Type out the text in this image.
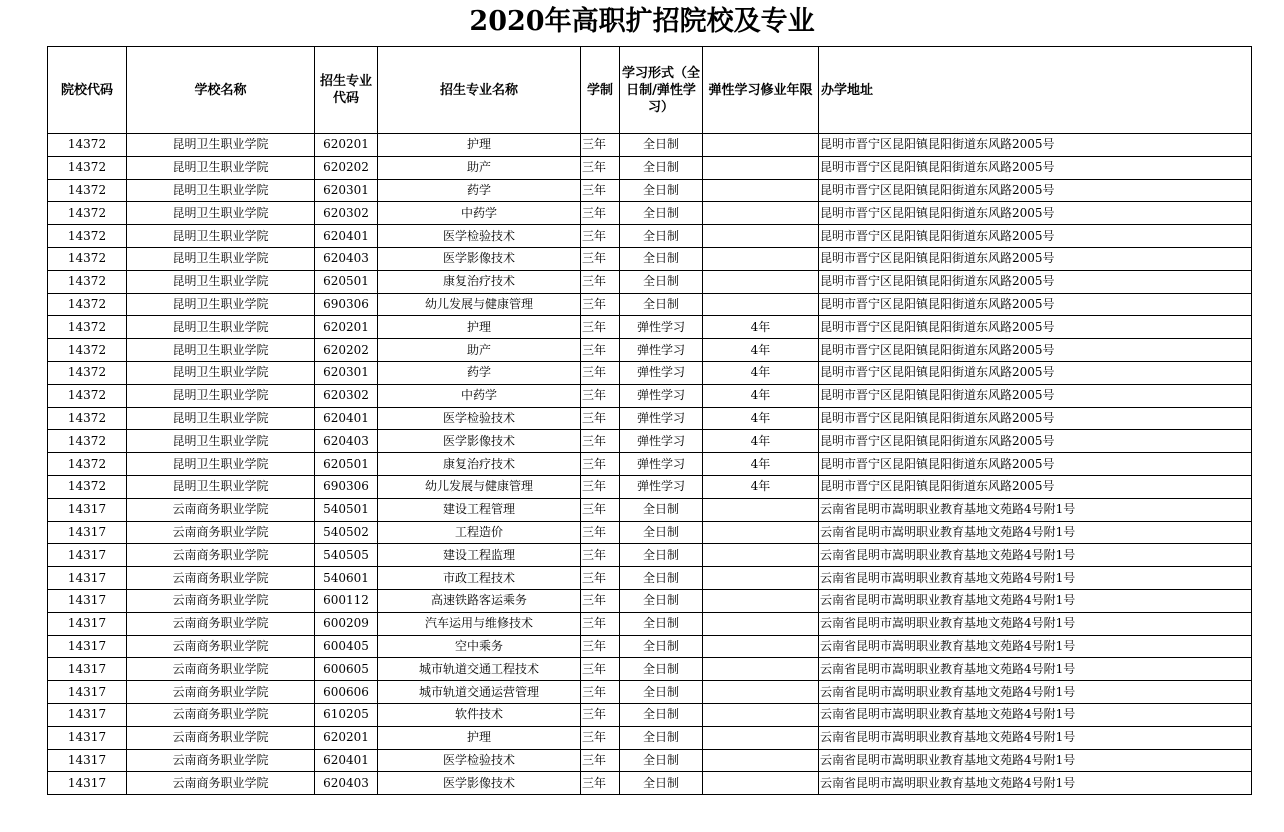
2020年高职扩招院校及专业
院校代码	学校名称	招生专业代码	招生专业名称	学制	学习形式（全日制/弹性学习）	弹性学习修业年限	办学地址
14372	昆明卫生职业学院	620201	护理	三年	全日制		昆明市晋宁区昆阳镇昆阳街道东风路2005号
14372	昆明卫生职业学院	620202	助产	三年	全日制		昆明市晋宁区昆阳镇昆阳街道东风路2005号
14372	昆明卫生职业学院	620301	药学	三年	全日制		昆明市晋宁区昆阳镇昆阳街道东风路2005号
14372	昆明卫生职业学院	620302	中药学	三年	全日制		昆明市晋宁区昆阳镇昆阳街道东风路2005号
14372	昆明卫生职业学院	620401	医学检验技术	三年	全日制		昆明市晋宁区昆阳镇昆阳街道东风路2005号
14372	昆明卫生职业学院	620403	医学影像技术	三年	全日制		昆明市晋宁区昆阳镇昆阳街道东风路2005号
14372	昆明卫生职业学院	620501	康复治疗技术	三年	全日制		昆明市晋宁区昆阳镇昆阳街道东风路2005号
14372	昆明卫生职业学院	690306	幼儿发展与健康管理	三年	全日制		昆明市晋宁区昆阳镇昆阳街道东风路2005号
14372	昆明卫生职业学院	620201	护理	三年	弹性学习	4年	昆明市晋宁区昆阳镇昆阳街道东风路2005号
14372	昆明卫生职业学院	620202	助产	三年	弹性学习	4年	昆明市晋宁区昆阳镇昆阳街道东风路2005号
14372	昆明卫生职业学院	620301	药学	三年	弹性学习	4年	昆明市晋宁区昆阳镇昆阳街道东风路2005号
14372	昆明卫生职业学院	620302	中药学	三年	弹性学习	4年	昆明市晋宁区昆阳镇昆阳街道东风路2005号
14372	昆明卫生职业学院	620401	医学检验技术	三年	弹性学习	4年	昆明市晋宁区昆阳镇昆阳街道东风路2005号
14372	昆明卫生职业学院	620403	医学影像技术	三年	弹性学习	4年	昆明市晋宁区昆阳镇昆阳街道东风路2005号
14372	昆明卫生职业学院	620501	康复治疗技术	三年	弹性学习	4年	昆明市晋宁区昆阳镇昆阳街道东风路2005号
14372	昆明卫生职业学院	690306	幼儿发展与健康管理	三年	弹性学习	4年	昆明市晋宁区昆阳镇昆阳街道东风路2005号
14317	云南商务职业学院	540501	建设工程管理	三年	全日制		云南省昆明市嵩明职业教育基地文苑路4号附1号
14317	云南商务职业学院	540502	工程造价	三年	全日制		云南省昆明市嵩明职业教育基地文苑路4号附1号
14317	云南商务职业学院	540505	建设工程监理	三年	全日制		云南省昆明市嵩明职业教育基地文苑路4号附1号
14317	云南商务职业学院	540601	市政工程技术	三年	全日制		云南省昆明市嵩明职业教育基地文苑路4号附1号
14317	云南商务职业学院	600112	高速铁路客运乘务	三年	全日制		云南省昆明市嵩明职业教育基地文苑路4号附1号
14317	云南商务职业学院	600209	汽车运用与维修技术	三年	全日制		云南省昆明市嵩明职业教育基地文苑路4号附1号
14317	云南商务职业学院	600405	空中乘务	三年	全日制		云南省昆明市嵩明职业教育基地文苑路4号附1号
14317	云南商务职业学院	600605	城市轨道交通工程技术	三年	全日制		云南省昆明市嵩明职业教育基地文苑路4号附1号
14317	云南商务职业学院	600606	城市轨道交通运营管理	三年	全日制		云南省昆明市嵩明职业教育基地文苑路4号附1号
14317	云南商务职业学院	610205	软件技术	三年	全日制		云南省昆明市嵩明职业教育基地文苑路4号附1号
14317	云南商务职业学院	620201	护理	三年	全日制		云南省昆明市嵩明职业教育基地文苑路4号附1号
14317	云南商务职业学院	620401	医学检验技术	三年	全日制		云南省昆明市嵩明职业教育基地文苑路4号附1号
14317	云南商务职业学院	620403	医学影像技术	三年	全日制		云南省昆明市嵩明职业教育基地文苑路4号附1号
